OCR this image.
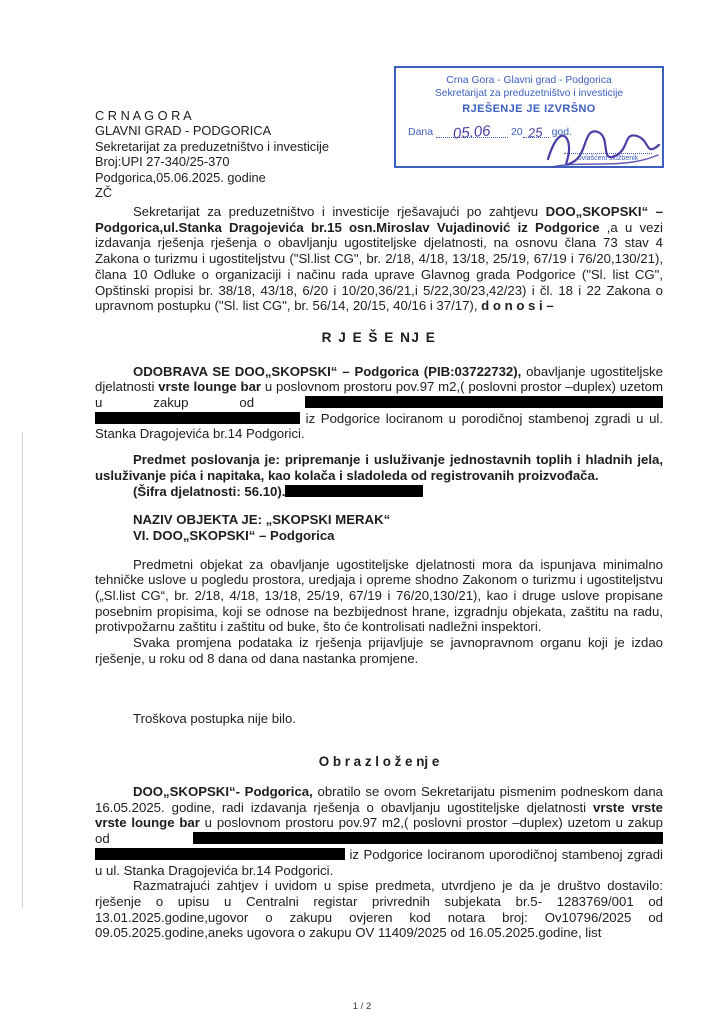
C R N A G O R A
GLAVNI GRAD - PODGORICA
Sekretarijat za preduzetništvo i investicije
Broj:UPI 27-340/25-370
Podgorica,05.06.2025. godine
ZČ
Crna Gora - Glavni grad - Podgorica
Sekretarijat za preduzetništvo i investicije
RJEŠENJE JE IZVRŠNO
Dana 05.06 20 25 god.
ovlašćeni službenik

Sekretarijat za preduzetništvo i investicije rješavajući po zahtjevu DOO„SKOPSKI“ – Podgorica,ul.Stanka Dragojevića br.15 osn.Miroslav Vujadinović iz Podgorice ,a u vezi izdavanja rješenja rješenja o obavljanju ugostiteljske djelatnosti, na osnovu člana 73 stav 4 Zakona o turizmu i ugostiteljstvu ("Sl.list CG", br. 2/18, 4/18, 13/18, 25/19, 67/19 i 76/20,130/21), člana 10 Odluke o organizaciji i načinu rada uprave Glavnog grada Podgorice ("Sl. list CG", Opštinski propisi br. 38/18, 43/18, 6/20 i 10/20,36/21,i 5/22,30/23,42/23) i čl. 18 i 22 Zakona o upravnom postupku ("Sl. list CG", br. 56/14, 20/15, 40/16 i 37/17), d o n o s i –

R J E Š E NJ E

ODOBRAVA SE DOO„SKOPSKI“ – Podgorica (PIB:03722732), obavljanje ugostiteljske djelatnosti vrste lounge bar u poslovnom prostoru pov.97 m2,( poslovni prostor –duplex) uzetom u zakup od   iz Podgorice lociranom u porodičnoj stambenoj zgradi u ul. Stanka Dragojevića br.14 Podgorici.

Predmet poslovanja je: pripremanje i usluživanje jednostavnih toplih i hladnih jela, usluživanje pića i napitaka, kao kolača i sladoleda od registrovanih proizvođača.

(Šifra djelatnosti: 56.10).
NAZIV OBJEKTA JE: „SKOPSKI MERAK“
VI. DOO„SKOPSKI“ – Podgorica

Predmetni objekat za obavljanje ugostiteljske djelatnosti mora da ispunjava minimalno tehničke uslove u pogledu prostora, uredjaja i opreme shodno Zakonom o turizmu i ugostiteljstvu („Sl.list CG“, br. 2/18, 4/18, 13/18, 25/19, 67/19 i 76/20,130/21), kao i druge uslove propisane posebnim propisima, koji se odnose na bezbijednost hrane, izgradnju objekata, zaštitu na radu, protivpožarnu zaštitu i zaštitu od buke, što će kontrolisati nadležni inspektori.

Svaka promjena podataka iz rješenja prijavljuje se javnopravnom organu koji je izdao rješenje, u roku od 8 dana od dana nastanka promjene.

Troškova postupka nije bilo.
O b r a z l o ž e nj e

DOO„SKOPSKI“- Podgorica, obratilo se ovom Sekretarijatu pismenim podneskom dana 16.05.2025. godine, radi izdavanja rješenja o obavljanju ugostiteljske djelatnosti vrste vrste vrste lounge bar u poslovnom prostoru pov.97 m2,( poslovni prostor –duplex) uzetom u zakup od   iz Podgorice lociranom uporodičnoj stambenoj zgradi u ul. Stanka Dragojevića br.14 Podgorici.

Razmatrajući zahtjev i uvidom u spise predmeta, utvrdjeno je da je društvo dostavilo: rješenje o upisu u Centralni registar privrednih subjekata br.5- 1283769/001 od 13.01.2025.godine,ugovor o zakupu ovjeren kod notara broj: Ov10796/2025 od 09.05.2025.godine,aneks ugovora o zakupu OV 11409/2025 od 16.05.2025.godine, list

1 / 2
